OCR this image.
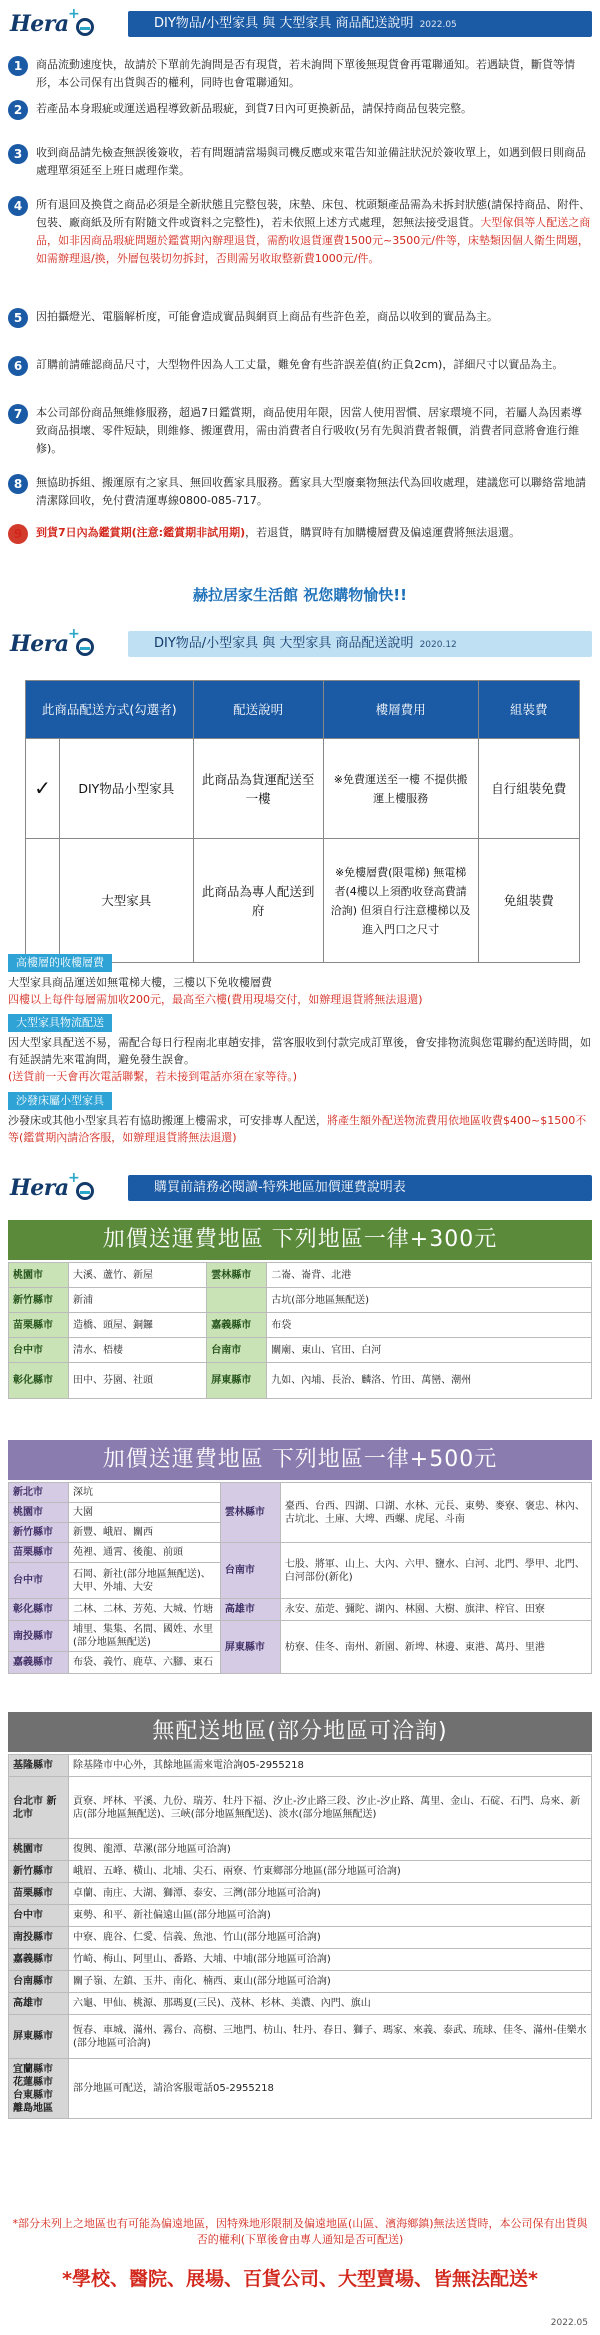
Hera +
DIY物品/小型家具 與 大型家具 商品配送說明 2022.05
1	商品流動速度快，故請於下單前先詢問是否有現貨，若未詢問下單後無現貨會再電聯通知。若遇缺貨，斷貨等情形，本公司保有出貨與否的權利，同時也會電聯通知。
2	若產品本身瑕疵或運送過程導致新品瑕疵，到貨7日內可更換新品，請保持商品包裝完整。
3	收到商品請先檢查無誤後簽收，若有問題請當場與司機反應或來電告知並備註狀況於簽收單上，如遇到假日則商品處理單須延至上班日處理作業。
4	所有退回及換貨之商品必須是全新狀態且完整包裝，床墊、床包、枕頭類產品需為未拆封狀態(請保持商品、附件、包裝、廠商紙及所有附隨文件或資料之完整性)，若未依照上述方式處理，恕無法接受退貨。大型傢俱等人配送之商品，如非因商品瑕疵問題於鑑賞期內辦理退貨，需酌收退貨運費1500元~3500元/件等，床墊類因個人衛生問題，如需辦理退/換，外層包裝切勿拆封，否則需另收取整新費1000元/件。
5	因拍攝燈光、電腦解析度，可能會造成實品與網頁上商品有些許色差，商品以收到的實品為主。
6	訂購前請確認商品尺寸，大型物件因為人工丈量，難免會有些許誤差值(約正負2cm)，詳細尺寸以實品為主。
7	本公司部份商品無維修服務，超過7日鑑賞期，商品使用年限，因當人使用習慣、居家環境不同，若屬人為因素導致商品損壞、零件短缺，則維修、搬運費用，需由消費者自行吸收(另有先與消費者報價，消費者同意將會進行維修)。
8	無協助拆組、搬運原有之家具、無回收舊家具服務。舊家具大型廢棄物無法代為回收處理，建議您可以聯絡當地請清潔隊回收，免付費清運專線0800-085-717。
9	到貨7日內為鑑賞期(注意:鑑賞期非試用期)，若退貨，購買時有加購樓層費及偏遠運費將無法退還。
赫拉居家生活館 祝您購物愉快!!
Hera +
DIY物品/小型家具 與 大型家具 商品配送說明 2020.12
此商品配送方式(勾選者)		配送說明	樓層費用	組裝費
✓	DIY物品小型家具	此商品為貨運配送至一樓	※免費運送至一樓 不提供搬運上樓服務	自行組裝免費
	大型家具	此商品為專人配送到府	※免樓層費(限電梯) 無電梯者(4樓以上須酌收登高費請洽詢) 但須自行注意樓梯以及進入門口之尺寸	免組裝費
高樓層的收樓層費
大型家具商品運送如無電梯大樓，三樓以下免收樓層費
四樓以上每件每層需加收200元，最高至六樓(費用現場交付，如辦理退貨將無法退還)
大型家具物流配送
因大型家具配送不易，需配合每日行程南北車趟安排，當客服收到付款完成訂單後，會安排物流與您電聯約配送時間，如有延誤請先來電詢問，避免發生誤會。
(送貨前一天會再次電話聯繫，若未接到電話亦須在家等待。)
沙發床屬小型家具
沙發床或其他小型家具若有協助搬運上樓需求，可安排專人配送，將產生額外配送物流費用依地區收費$400~$1500不等(鑑賞期內請洽客服，如辦理退貨將無法退還)
Hera +
購買前請務必閱讀-特殊地區加價運費說明表
加價送運費地區 下列地區一律+300元
桃園市	大溪、蘆竹、新屋	雲林縣市	二崙、崙背、北港
新竹縣市	新浦		古坑(部分地區無配送)
苗栗縣市	造橋、頭屋、銅鑼	嘉義縣市	布袋
台中市	清水、梧棲	台南市	關廟、東山、官田、白河
彰化縣市	田中、芬園、社頭	屏東縣市	九如、內埔、長治、麟洛、竹田、萬巒、潮州
加價送運費地區 下列地區一律+500元
新北市	深坑	雲林縣市	臺西、台西、四湖、口湖、水林、元長、東勢、麥寮、褒忠、林內、古坑北、土庫、大埤、西螺、虎尾、斗南
桃園市	大園		
新竹縣市	新豐、峨眉、關西		
苗栗縣市	苑裡、通霄、後龍、前頭	台南市	七股、將軍、山上、大內、六甲、鹽水、白河、北門、學甲、北門、白河部份(新化)
台中市	石岡、新社(部分地區無配送)、大甲、外埔、大安		
彰化縣市	二林、二林、芳苑、大城、竹塘	高雄市	永安、茄萣、彌陀、湖內、林園、大樹、旗津、梓官、田寮
南投縣市	埔里、集集、名間、國姓、水里(部分地區無配送)	屏東縣市	枋寮、佳冬、南州、新園、新埤、林邊、東港、萬丹、里港
嘉義縣市	布袋、義竹、鹿草、六腳、東石		
無配送地區(部分地區可洽詢)
基隆縣市	除基隆市中心外，其餘地區需來電洽詢05-2955218
台北市 新北市	貢寮、坪林、平溪、九份、瑞芳、牡丹下福、汐止-汐止路三段、汐止-汐止路、萬里、金山、石碇、石門、烏來、新店(部分地區無配送)、三峽(部分地區無配送)、淡水(部分地區無配送)
桃園市	復興、龍潭、草漯(部分地區可洽詢)
新竹縣市	峨眉、五峰、橫山、北埔、尖石、兩寮、竹東鄉部分地區(部分地區可洽詢)
苗栗縣市	卓蘭、南庄、大湖、獅潭、泰安、三灣(部分地區可洽詢)
台中市	東勢、和平、新社偏遠山區(部分地區可洽詢)
南投縣市	中寮、鹿谷、仁愛、信義、魚池、竹山(部分地區可洽詢)
嘉義縣市	竹崎、梅山、阿里山、番路、大埔、中埔(部分地區可洽詢)
台南縣市	關子嶺、左鎮、玉井、南化、楠西、東山(部分地區可洽詢)
高雄市	六龜、甲仙、桃源、那瑪夏(三民)、茂林、杉林、美濃、內門、旗山
屏東縣市	恆春、車城、滿州、霧台、高樹、三地門、枋山、牡丹、春日、獅子、瑪家、來義、泰武、琉球、佳冬、滿州-佳樂水(部分地區可洽詢)
宜蘭縣市 花蓮縣市 台東縣市 離島地區	部分地區可配送，請洽客服電話05-2955218
*部分未列上之地區也有可能為偏遠地區，因特殊地形限制及偏遠地區(山區、濱海鄉鎮)無法送貨時，本公司保有出貨與否的權利(下單後會由專人通知是否可配送)
*學校、醫院、展場、百貨公司、大型賣場、皆無法配送*
2022.05
